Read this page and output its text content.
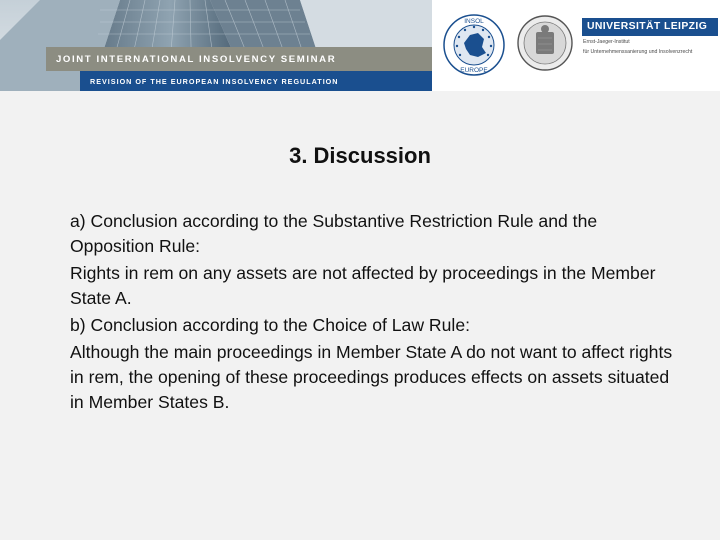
JOINT INTERNATIONAL INSOLVENCY SEMINAR
REVISION OF THE EUROPEAN INSOLVENCY REGULATION
INSOL
EUROPE
UNIVERSITÄT LEIPZIG
Ernst-Jaeger-Institut
für Unternehmenssanierung und Insolvenzrecht
3. Discussion

a) Conclusion according to the Substantive Restriction Rule and the Opposition Rule:

Rights in rem on any assets are not affected by proceedings in the Member State A.

b) Conclusion according to the Choice of Law Rule:

Although the main proceedings in Member State A do not want to affect rights in rem, the opening of these proceedings produces effects on assets situated in Member States B.
